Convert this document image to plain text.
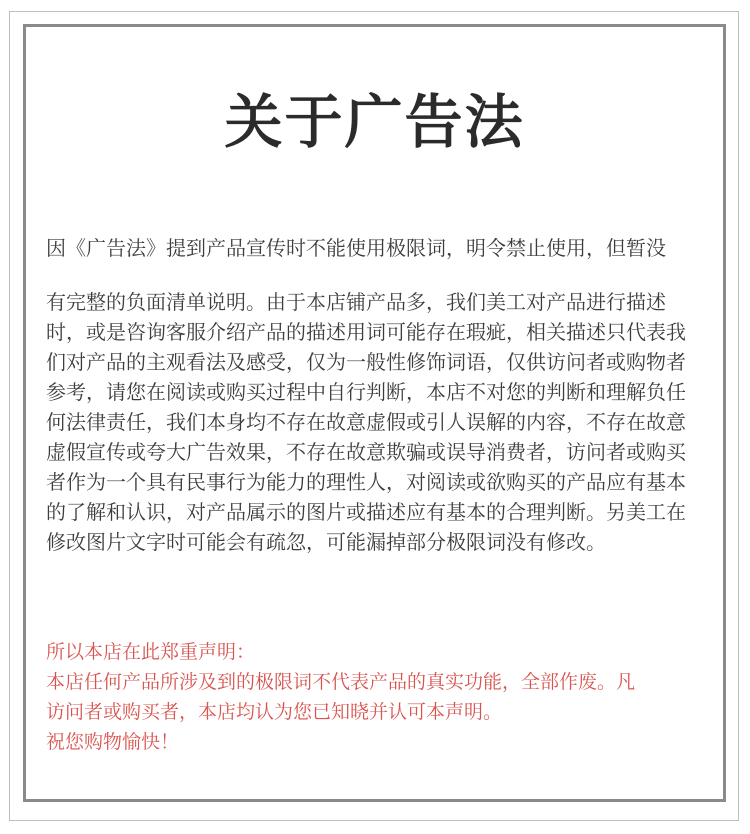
关于广告法

因《广告法》提到产品宣传时不能使用极限词，明令禁止使用，但暂没

有完整的负面清单说明。由于本店铺产品多，我们美工对产品进行描述时，或是咨询客服介绍产品的描述用词可能存在瑕疵，相关描述只代表我们对产品的主观看法及感受，仅为一般性修饰词语，仅供访问者或购物者参考，请您在阅读或购买过程中自行判断，本店不对您的判断和理解负任何法律责任，我们本身均不存在故意虚假或引人误解的内容，不存在故意虚假宣传或夸大广告效果，不存在故意欺骗或误导消费者，访问者或购买者作为一个具有民事行为能力的理性人，对阅读或欲购买的产品应有基本的了解和认识，对产品属示的图片或描述应有基本的合理判断。另美工在修改图片文字时可能会有疏忽，可能漏掉部分极限词没有修改。

所以本店在此郑重声明：

本店任何产品所涉及到的极限词不代表产品的真实功能，全部作废。凡

访问者或购买者，本店均认为您已知晓并认可本声明。

祝您购物愉快！
